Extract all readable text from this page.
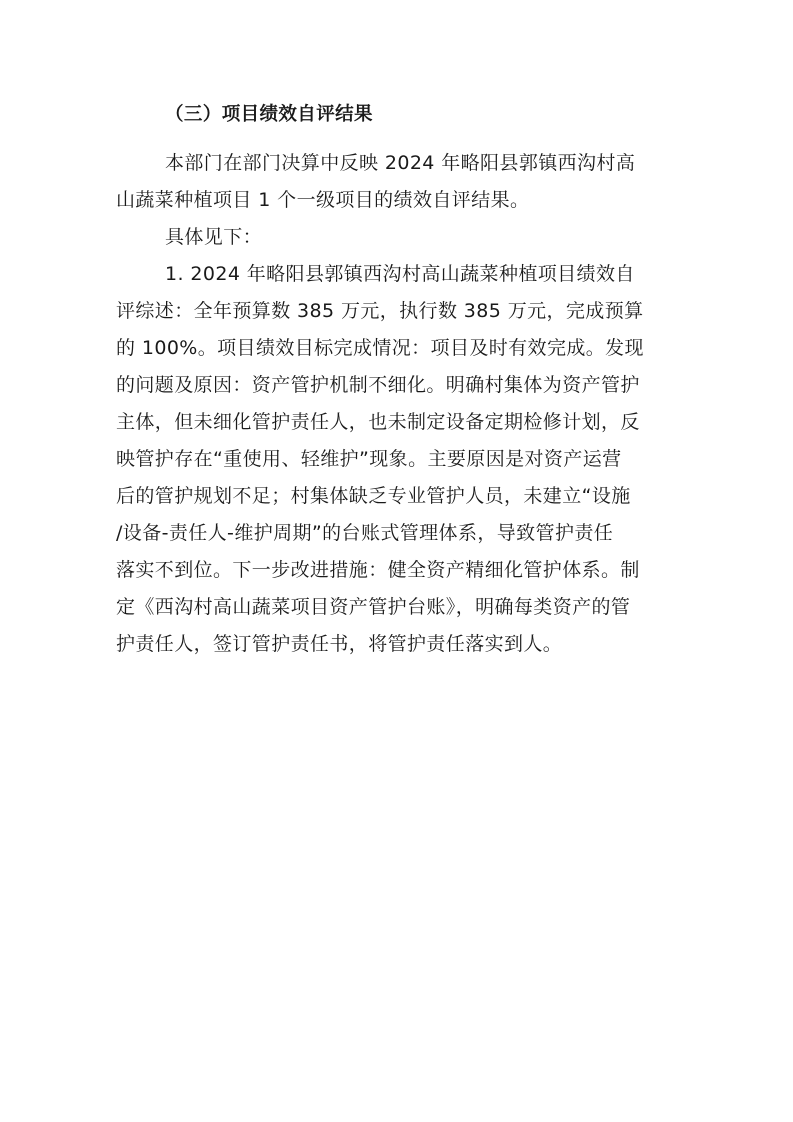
（三）项目绩效自评结果
本部门在部门决算中反映 2024 年略阳县郭镇西沟村高
山蔬菜种植项目 1 个一级项目的绩效自评结果。
具体见下：
1. 2024 年略阳县郭镇西沟村高山蔬菜种植项目绩效自
评综述：全年预算数 385 万元，执行数 385 万元，完成预算
的 100%。项目绩效目标完成情况：项目及时有效完成。发现
的问题及原因：资产管护机制不细化。明确村集体为资产管护
主体，但未细化管护责任人，也未制定设备定期检修计划，反
映管护存在“重使用、轻维护”现象。主要原因是对资产运营
后的管护规划不足；村集体缺乏专业管护人员，未建立“设施
/设备-责任人-维护周期”的台账式管理体系，导致管护责任
落实不到位。下一步改进措施：健全资产精细化管护体系。制
定《西沟村高山蔬菜项目资产管护台账》，明确每类资产的管
护责任人，签订管护责任书，将管护责任落实到人。
